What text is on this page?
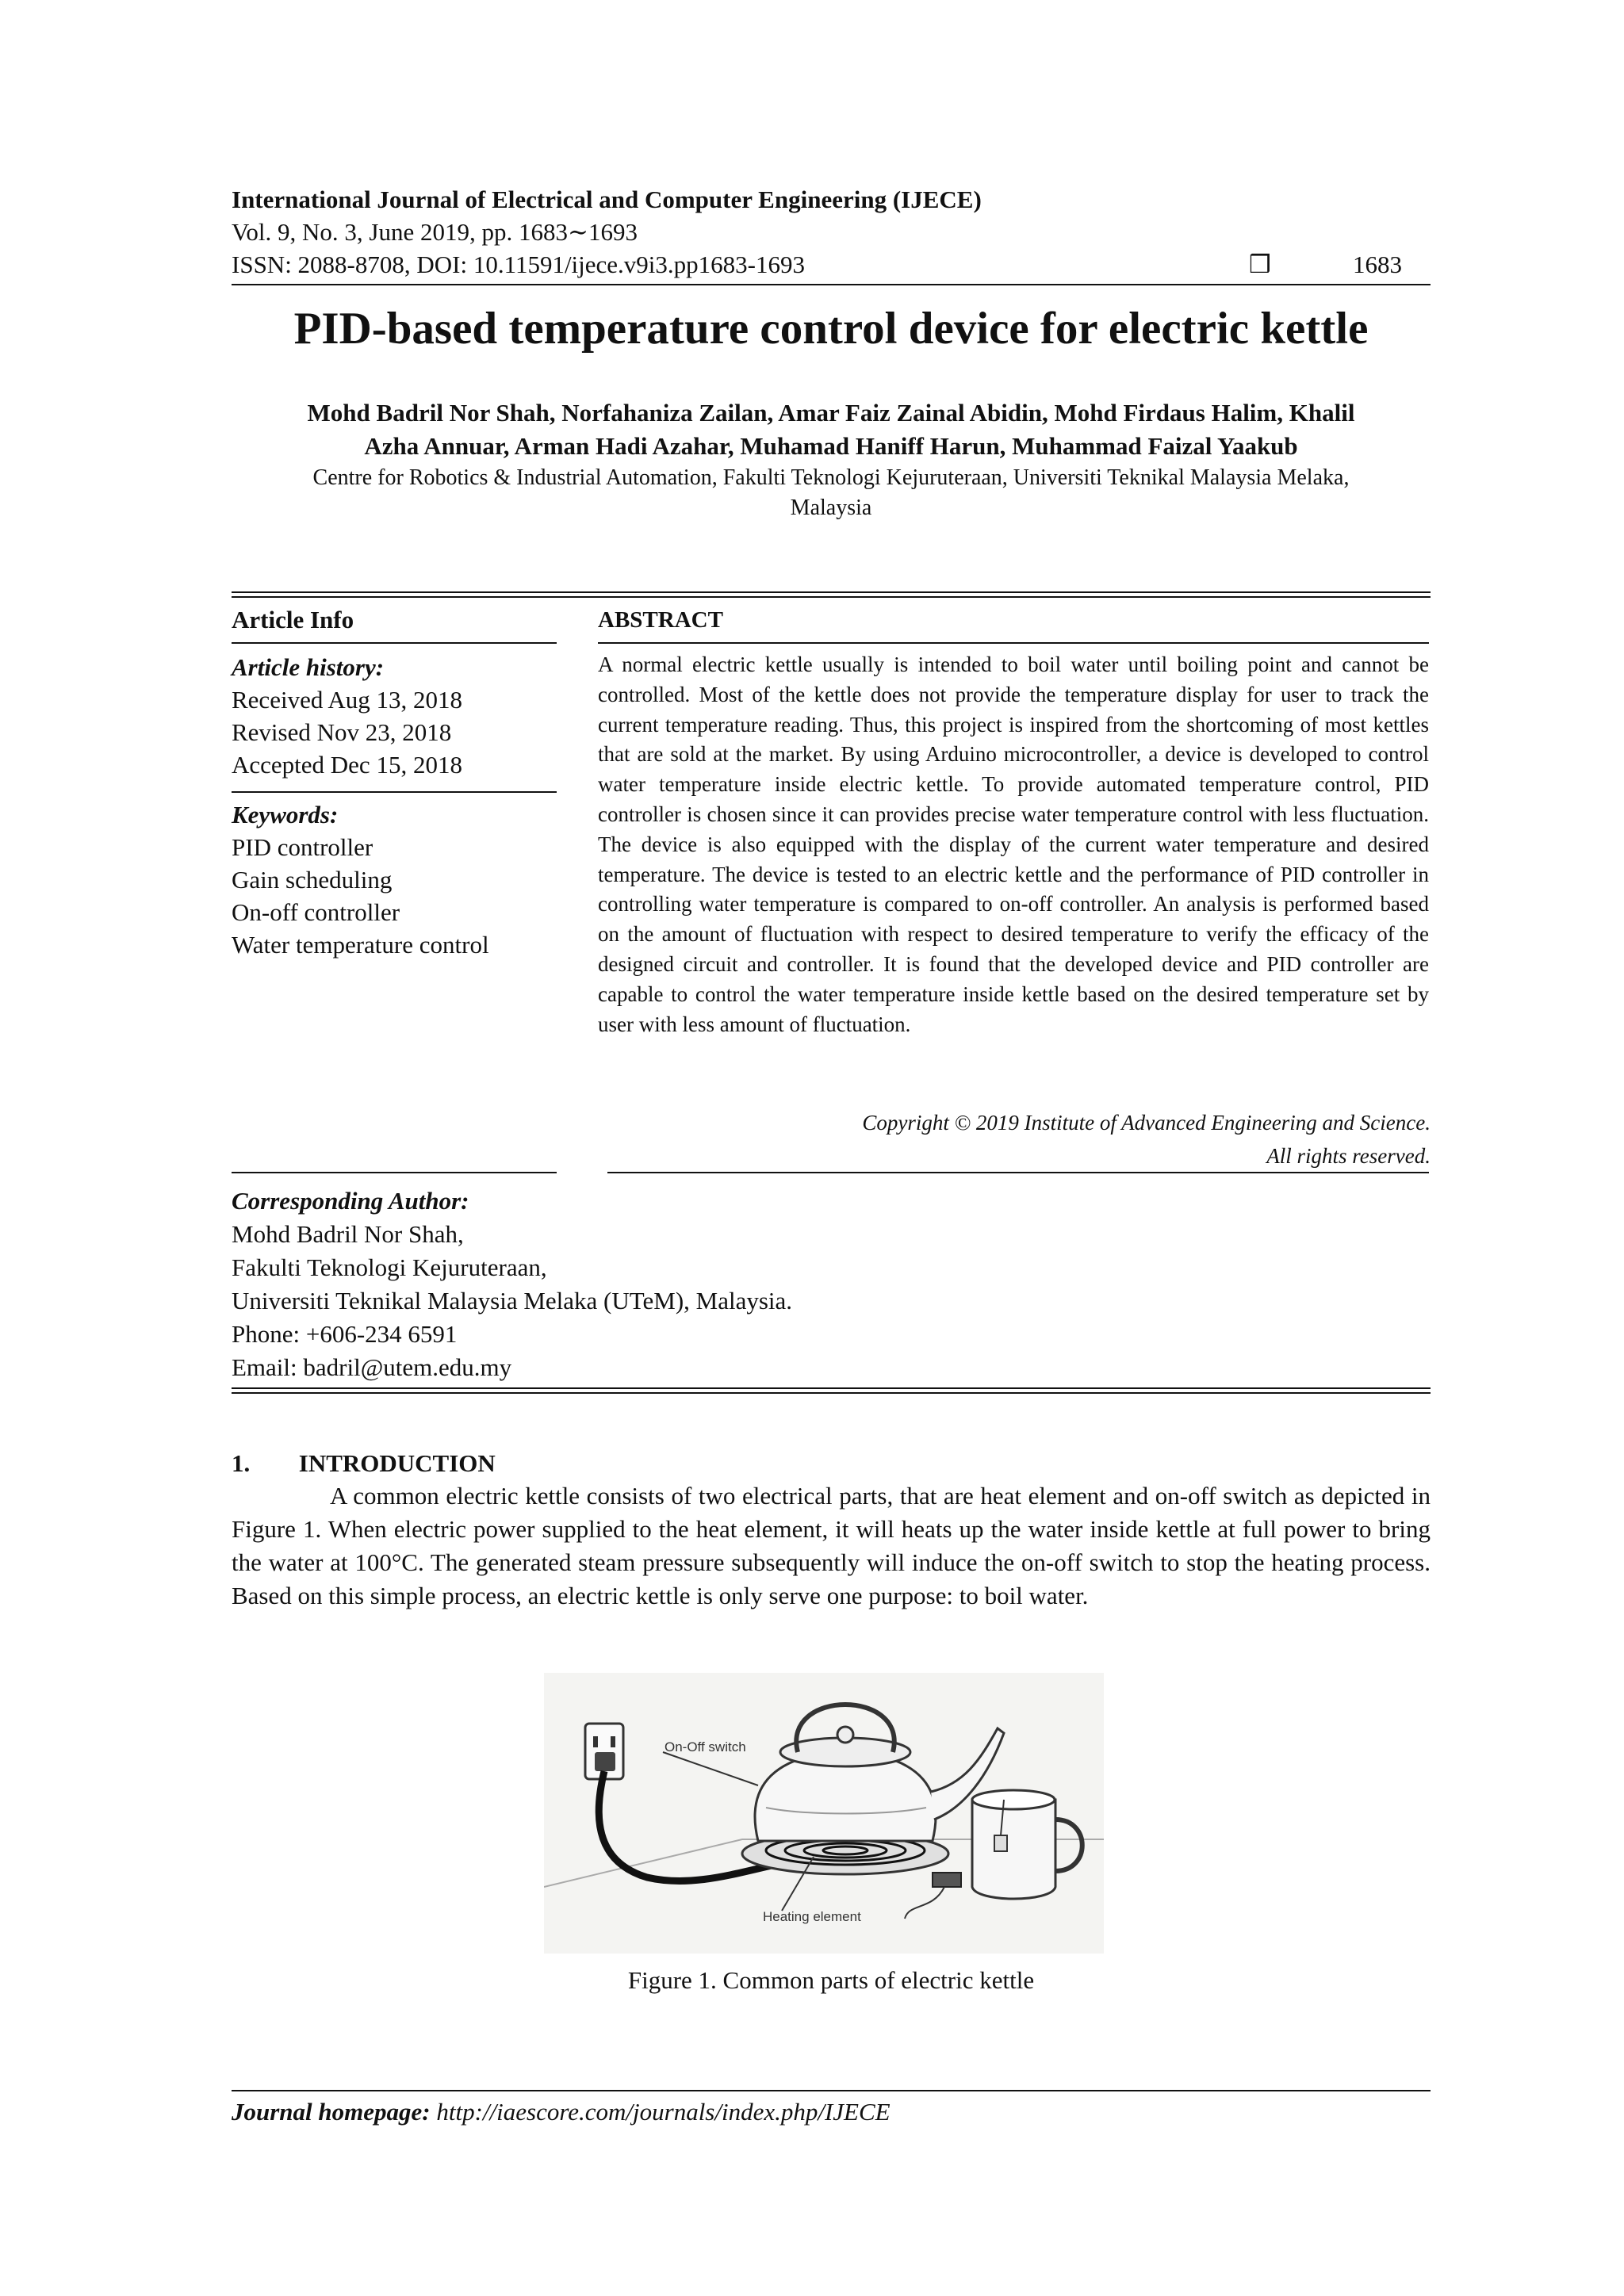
International Journal of Electrical and Computer Engineering (IJECE)
Vol. 9, No. 3, June 2019, pp. 1683∼1693
ISSN: 2088-8708, DOI: 10.11591/ijece.v9i3.pp1683-1693	❒	1683
PID-based temperature control device for electric kettle
Mohd Badril Nor Shah, Norfahaniza Zailan, Amar Faiz Zainal Abidin, Mohd Firdaus Halim, Khalil
Azha Annuar, Arman Hadi Azahar, Muhamad Haniff Harun, Muhammad Faizal Yaakub
Centre for Robotics & Industrial Automation, Fakulti Teknologi Kejuruteraan, Universiti Teknikal Malaysia Melaka,
Malaysia
Article Info
Article history:
Received Aug 13, 2018
Revised Nov 23, 2018
Accepted Dec 15, 2018
Keywords:
PID controller
Gain scheduling
On-off controller
Water temperature control
ABSTRACT
A normal electric kettle usually is intended to boil water until boiling point and cannot be controlled. Most of the kettle does not provide the temperature display for user to track the current temperature reading. Thus, this project is inspired from the shortcoming of most kettles that are sold at the market. By using Arduino microcontroller, a device is developed to control water temperature inside electric kettle. To provide automated temperature control, PID controller is chosen since it can provides precise water temperature control with less fluctuation. The device is also equipped with the display of the current water temperature and desired temperature. The device is tested to an electric kettle and the performance of PID controller in controlling water temperature is compared to on-off controller. An analysis is performed based on the amount of fluctuation with respect to desired temperature to verify the efficacy of the designed circuit and controller. It is found that the developed device and PID controller are capable to control the water temperature inside kettle based on the desired temperature set by user with less amount of fluctuation.
Copyright © 2019 Institute of Advanced Engineering and Science.
All rights reserved.
Corresponding Author:
Mohd Badril Nor Shah,
Fakulti Teknologi Kejuruteraan,
Universiti Teknikal Malaysia Melaka (UTeM), Malaysia.
Phone: +606-234 6591
Email: badril@utem.edu.my
1. INTRODUCTION
A common electric kettle consists of two electrical parts, that are heat element and on-off switch as depicted in Figure 1. When electric power supplied to the heat element, it will heats up the water inside kettle at full power to bring the water at 100°C. The generated steam pressure subsequently will induce the on-off switch to stop the heating process. Based on this simple process, an electric kettle is only serve one purpose: to boil water.
On-Off switch
Heating element
Figure 1. Common parts of electric kettle
Journal homepage: http://iaescore.com/journals/index.php/IJECE
